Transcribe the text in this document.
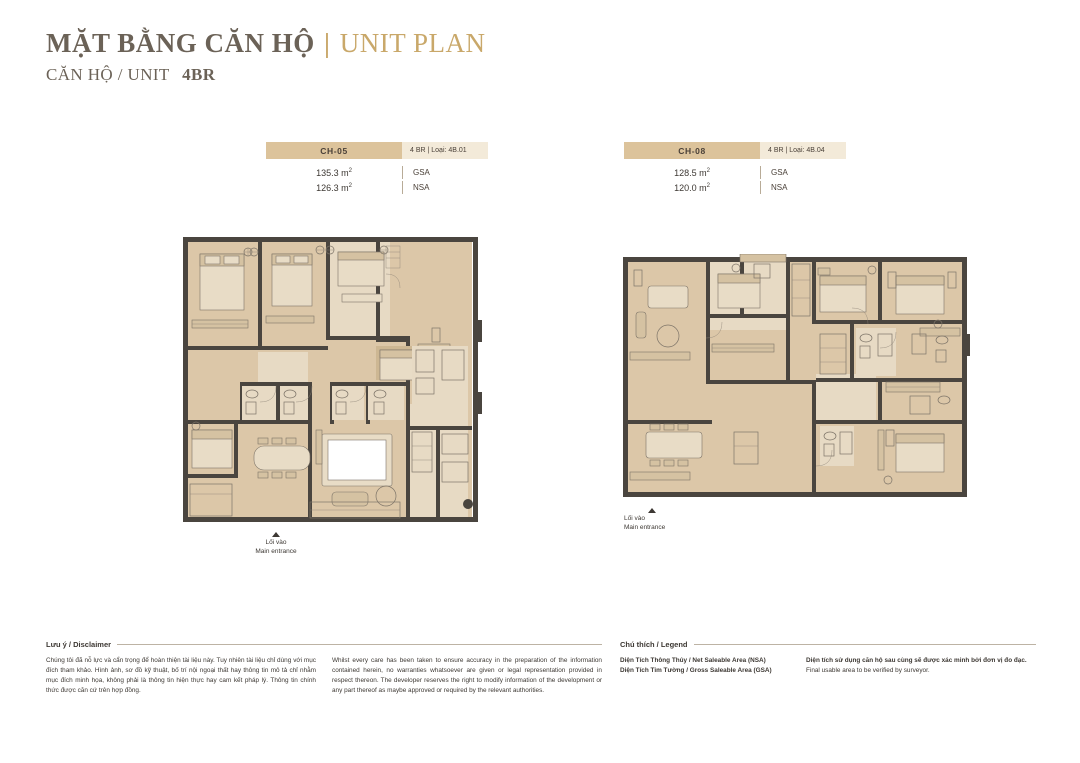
MẶT BẰNG CĂN HỘ | UNIT PLAN
CĂN HỘ / UNIT 4BR
CH-05	4 BR | Loại: 4B.01
135.3 $m^2$	GSA
126.3 $m^2$	NSA
CH-08	4 BR | Loại: 4B.04
128.5 $m^2$	GSA
120.0 $m^2$	NSA
Lối vào
Main entrance
Lối vào
Main entrance
Lưu ý / Disclaimer

Chúng tôi đã nỗ lực và cẩn trọng để hoàn thiện tài liệu này. Tuy nhiên tài liệu chỉ dùng với mục đích tham khảo. Hình ảnh, sơ đồ kỹ thuật, bố trí nội ngoại thất hay thông tin mô tả chỉ nhằm mục đích minh họa, không phải là thông tin hiện thực hay cam kết pháp lý. Thông tin chính thức được căn cứ trên hợp đồng.

Whilst every care has been taken to ensure accuracy in the preparation of the information contained herein, no warranties whatsoever are given or legal representation provided in respect thereon. The developer reserves the right to modify information of the development or any part thereof as maybe approved or required by the relevant authorities.

Chú thích / Legend
Diện Tích Thông Thủy / Net Saleable Area (NSA)
Diện Tích Tim Tường / Gross Saleable Area (GSA)
Diện tích sử dụng căn hộ sau cùng sẽ được xác minh bởi đơn vị đo đạc.
Final usable area to be verified by surveyor.
